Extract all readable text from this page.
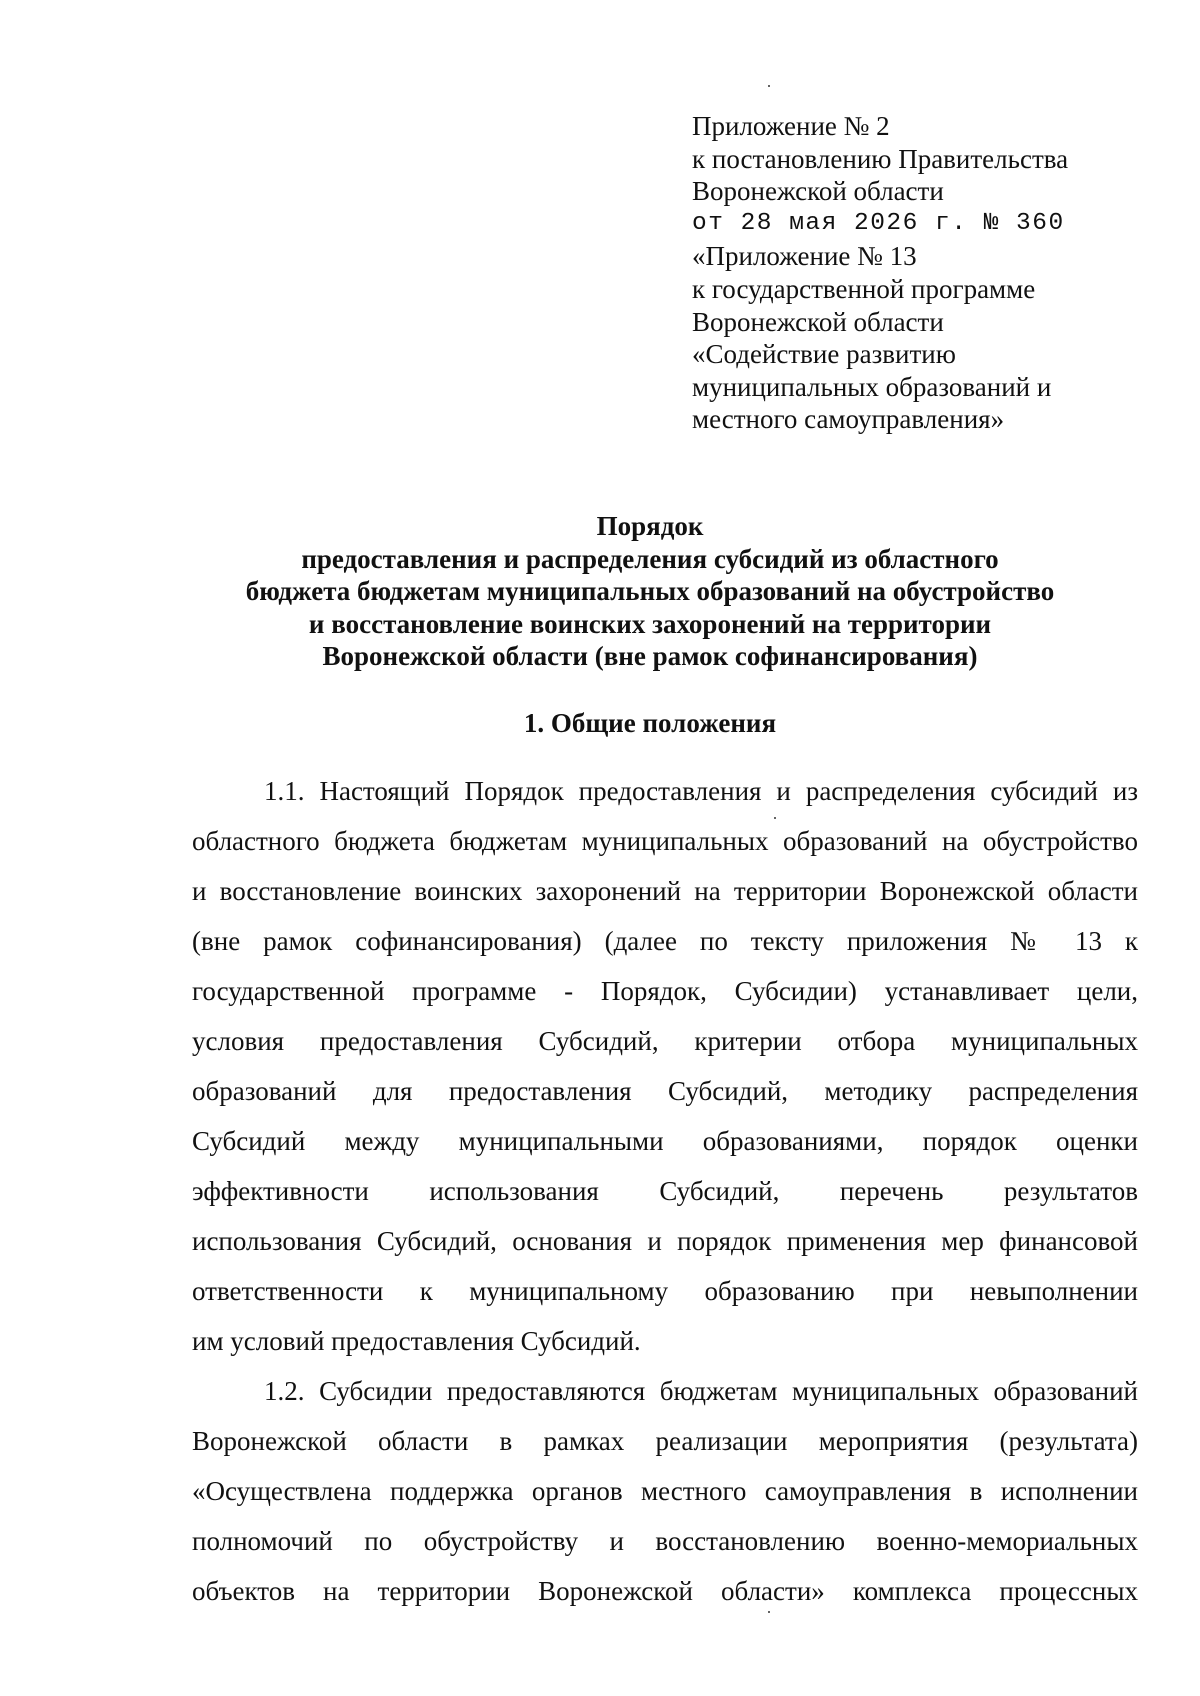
Приложение № 2
к постановлению Правительства
Воронежской области
от 28 мая 2026 г. № 360
«Приложение № 13
к государственной программе
Воронежской области
«Содействие развитию
муниципальных образований и
местного самоуправления»
Порядок
предоставления и распределения субсидий из областного
бюджета бюджетам муниципальных образований на обустройство
и восстановление воинских захоронений на территории
Воронежской области (вне рамок софинансирования)
1. Общие положения
1.1. Настоящий Порядок предоставления и распределения субсидий из
областного бюджета бюджетам муниципальных образований на обустройство
и восстановление воинских захоронений на территории Воронежской области
(вне рамок софинансирования) (далее по тексту приложения № 13 к
государственной программе - Порядок, Субсидии) устанавливает цели,
условия предоставления Субсидий, критерии отбора муниципальных
образований для предоставления Субсидий, методику распределения
Субсидий между муниципальными образованиями, порядок оценки
эффективности использования Субсидий, перечень результатов
использования Субсидий, основания и порядок применения мер финансовой
ответственности к муниципальному образованию при невыполнении
им условий предоставления Субсидий.
1.2. Субсидии предоставляются бюджетам муниципальных образований
Воронежской области в рамках реализации мероприятия (результата)
«Осуществлена поддержка органов местного самоуправления в исполнении
полномочий по обустройству и восстановлению военно-мемориальных
объектов на территории Воронежской области» комплекса процессных
